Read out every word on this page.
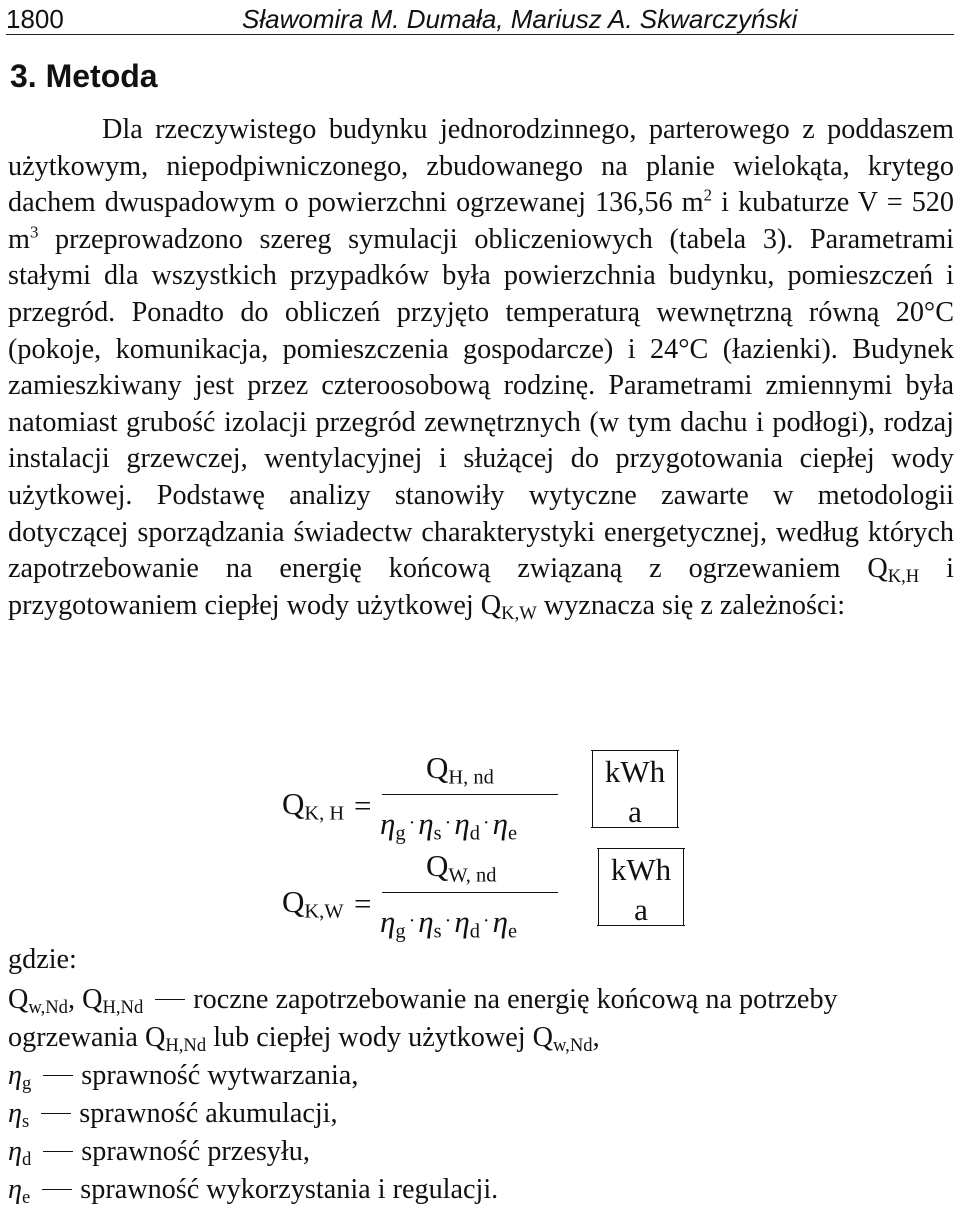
1800	Sławomira M. Dumała, Mariusz A. Skwarczyński
3. Metoda

Dla rzeczywistego budynku jednorodzinnego, parterowego z poddaszem użytkowym, niepodpiwniczonego, zbudowanego na planie wielokąta, krytego dachem dwuspadowym o powierzchni ogrzewanej 136,56 $m^2$ i kubaturze V = 520 $m^3$ przeprowadzono szereg symulacji obliczeniowych (tabela 3). Parametrami stałymi dla wszystkich przypadków była powierzchnia budynku, pomieszczeń i przegród. Ponadto do obliczeń przyjęto temperaturą wewnętrzną równą 20°C (pokoje, komunikacja, pomieszczenia gospodarcze) i 24°C (łazienki). Budynek zamieszkiwany jest przez czteroosobową rodzinę. Parametrami zmiennymi była natomiast grubość izolacji przegród zewnętrznych (w tym dachu i podłogi), rodzaj instalacji grzewczej, wentylacyjnej i służącej do przygotowania ciepłej wody użytkowej. Podstawę analizy stanowiły wytyczne zawarte w metodologii dotyczącej sporządzania świadectw charakterystyki energetycznej, według których zapotrzebowanie na energię końcową związaną z ogrzewaniem $Q_{K,H}$ i przygotowaniem ciepłej wody użytkowej $Q_{K,W}$ wyznacza się z zależności:

$Q_{K, H}$ =
$Q_{H, nd}$
$\eta_g \cdot\eta_s \cdot\eta_d \cdot\eta_e$
kWh
a
$Q_{K,W}$ =
$Q_{W, nd}$
$\eta_g \cdot\eta_s \cdot\eta_d \cdot\eta_e$
kWh
a
gdzie:
$Q_{w,Nd}$, $Q_{H,Nd}$ roczne zapotrzebowanie na energię końcową na potrzeby
ogrzewania $Q_{H,Nd}$ lub ciepłej wody użytkowej $Q_{w,Nd}$,
$\eta_g$ sprawność wytwarzania,
$\eta_s$ sprawność akumulacji,
$\eta_d$ sprawność przesyłu,
$\eta_e$ sprawność wykorzystania i regulacji.
